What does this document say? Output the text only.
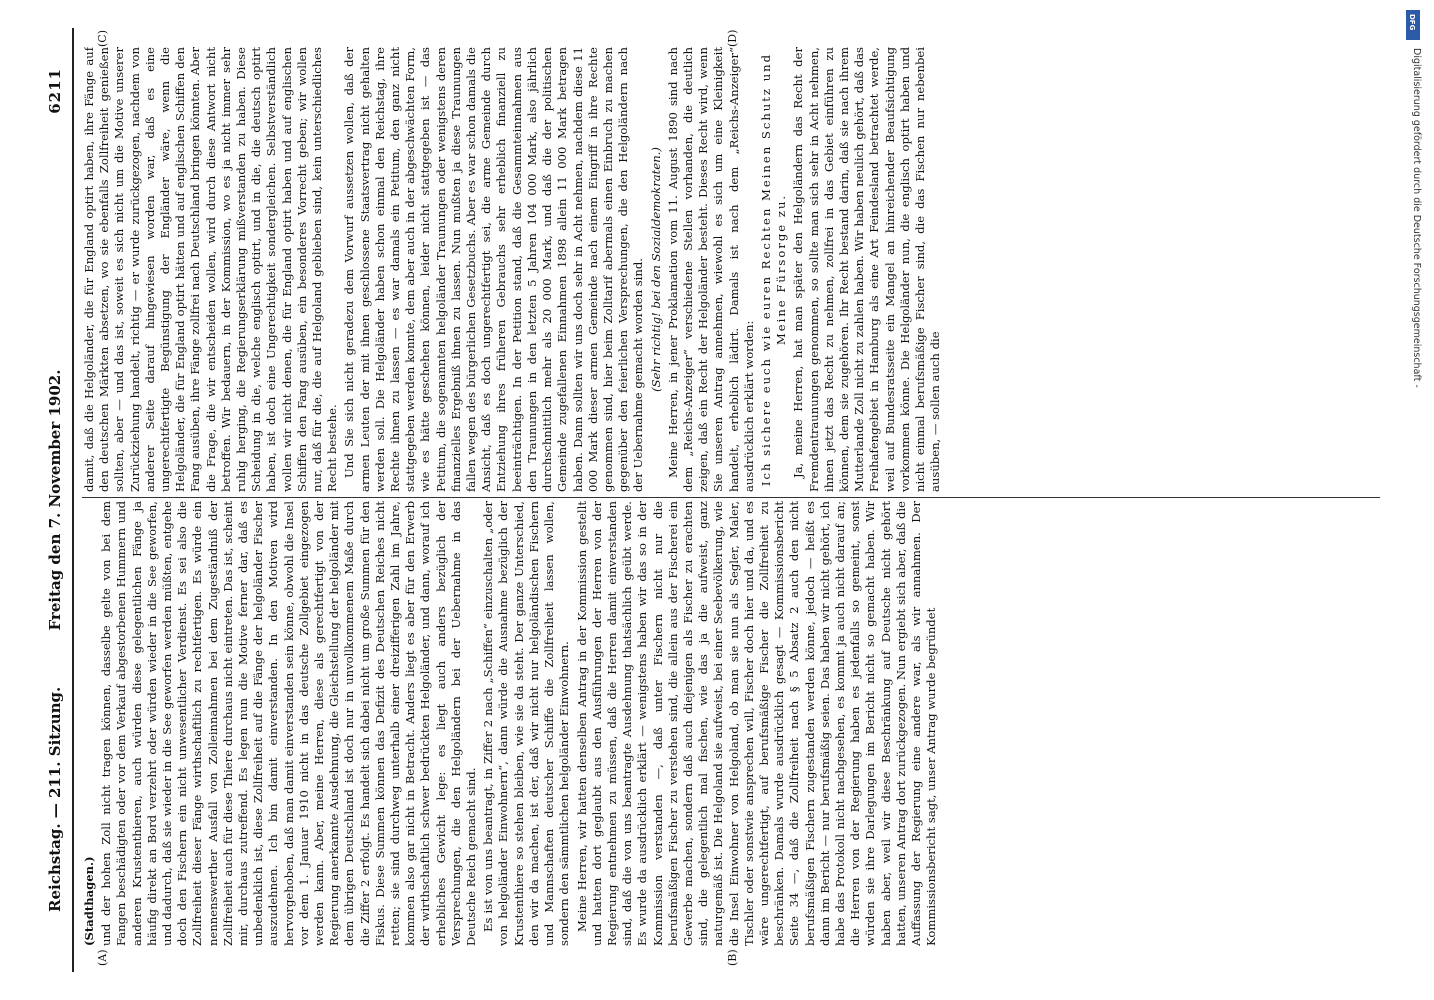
Reichstag. — 211. Sitzung.
Freitag den 7. November 1902.
6211
(A)	(B)
(C)	(D)

(Stadthagen.) und der hohen Zoll nicht tragen können, dasselbe gelte von bei dem Fangen beschädigten oder vor dem Verkauf abgestorbenen Hummern und anderen Krustenthieren, auch würden diese gelegentlichen Fänge ja häufig direkt an Bord verzehrt oder würden wieder in die See geworfen, und dadurch, daß sie wieder in die See geworfen werden müßten, entgehe doch den Fischern ein nicht unwesentlicher Verdienst. Es sei also die Zollfreiheit dieser Fänge wirthschaftlich zu rechtfertigen. Es würde ein nennenswerther Ausfall von Zolleinnahmen bei dem Zugeständniß der Zollfreiheit auch für diese Thiere durchaus nicht eintreten. Das ist, scheint mir, durchaus zutreffend. Es legen nun die Motive ferner dar, daß es unbedenklich ist, diese Zollfreiheit auf die Fänge der helgoländer Fischer auszudehnen. Ich bin damit einverstanden. In den Motiven wird hervorgehoben, daß man damit einverstanden sein könne, obwohl die Insel vor dem 1. Januar 1910 nicht in das deutsche Zollgebiet eingezogen werden kann. Aber, meine Herren, diese als gerechtfertigt von der Regierung anerkannte Ausdehnung, die Gleichstellung der helgoländer mit dem übrigen Deutschland ist doch nur in unvollkommenem Maße durch die Ziffer 2 erfolgt. Es handelt sich dabei nicht um große Summen für den Fiskus. Diese Summen können das Defizit des Deutschen Reiches nicht retten; sie sind durchweg unterhalb einer dreizifferigen Zahl im Jahre, kommen also gar nicht in Betracht. Anders liegt es aber für den Erwerb der wirthschaftlich schwer bedrückten Helgoländer, und dann, worauf ich erhebliches Gewicht lege: es liegt auch anders bezüglich der Versprechungen, die den Helgoländern bei der Uebernahme in das Deutsche Reich gemacht sind. Es ist von uns beantragt, in Ziffer 2 nach „Schiffen“ einzuschalten „oder von helgoländer Einwohnern“, dann würde die Ausnahme bezüglich der Krustenthiere so stehen bleiben, wie sie da steht. Der ganze Unterschied, den wir da machen, ist der, daß wir nicht nur helgoländischen Fischern und Mannschaften deutscher Schiffe die Zollfreiheit lassen wollen, sondern den sämmtlichen helgoländer Einwohnern. Meine Herren, wir hatten denselben Antrag in der Kommission gestellt und hatten dort geglaubt aus den Ausführungen der Herren von der Regierung entnehmen zu müssen, daß die Herren damit einverstanden sind, daß die von uns beantragte Ausdehnung thatsächlich geübt werde. Es wurde da ausdrücklich erklärt — wenigstens haben wir das so in der Kommission verstanden —, daß unter Fischern nicht nur die berufsmäßigen Fischer zu verstehen sind, die allein aus der Fischerei ein Gewerbe machen, sondern daß auch diejenigen als Fischer zu erachten sind, die gelegentlich mal fischen, wie das ja die aufweist, ganz naturgemäß ist. Die Helgoland sie aufweist, bei einer Seebevölkerung, wie die Insel Einwohner von Helgoland, ob man sie nun als Segler, Maler, Tischler oder sonstwie ansprechen will, Fischer doch hier und da, und es wäre ungerechtfertigt, auf berufsmäßige Fischer die Zollfreiheit zu beschränken. Damals wurde ausdrücklich gesagt — Kommissionsbericht Seite 34 —, daß die Zollfreiheit nach § 5 Absatz 2 auch den nicht berufsmäßigen Fischern zugestanden werden könne, jedoch — heißt es dann im Bericht — nur berufsmäßig seien. Das haben wir nicht gehört, ich habe das Protokoll nicht nachgesehen, es kommt ja auch nicht darauf an; die Herren von der Regierung haben es jedenfalls so gemeint, sonst würden sie ihre Darlegungen im Bericht nicht so gemacht haben. Wir haben aber, weil wir diese Beschränkung auf Deutsche nicht gehört hatten, unseren Antrag dort zurückgezogen. Nun ergiebt sich aber, daß die Auffassung der Regierung eine andere war, als wir annahmen. Der Kommissionsbericht sagt, unser Antrag wurde begründet

damit, daß die Helgoländer, die für England optirt haben, ihre Fänge auf den deutschen Märkten absetzen, wo sie ebenfalls Zollfreiheit genießen sollten, aber — und das ist, soweit es sich nicht um die Motive unserer Zurückziehung handelt, richtig — er wurde zurückgezogen, nachdem von anderer Seite darauf hingewiesen worden war, daß es eine ungerechtfertigte Begünstigung der Engländer wäre, wenn die Helgoländer, die für England optirt hätten und auf englischen Schiffen den Fang ausüben, ihre Fänge zollfrei nach Deutschland bringen könnten. Aber die Frage, die wir entscheiden wollen, wird durch diese Antwort nicht betroffen. Wir bedauern, in der Kommission, wo es ja nicht immer sehr ruhig herging, die Regierungserklärung mißverstanden zu haben. Diese Scheidung in die, welche englisch optirt, und in die, die deutsch optirt haben, ist doch eine Ungerechtigkeit sondergleichen. Selbstverständlich wollen wir nicht denen, die für England optirt haben und auf englischen Schiffen den Fang ausüben, ein besonderes Vorrecht geben; wir wollen nur, daß für die, die auf Helgoland geblieben sind, kein unterschiedliches Recht bestehe. Und Sie sich nicht geradezu dem Vorwurf aussetzen wollen, daß der armen Leuten der mit ihnen geschlossene Staatsvertrag nicht gehalten werden soll. Die Helgoländer haben schon einmal den Reichstag, ihre Rechte ihnen zu lassen — es war damals ein Petitum, den ganz nicht stattgegeben werden konnte, dem aber auch in der abgeschwächten Form, wie es hätte geschehen können, leider nicht stattgegeben ist — das Petitum, die sogenannten helgoländer Traunungen oder wenigstens deren finanzielles Ergebniß ihnen zu lassen. Nun mußten ja diese Traunungen fallen wegen des bürgerlichen Gesetzbuchs. Aber es war schon damals die Ansicht, daß es doch ungerechtfertigt sei, die arme Gemeinde durch Entziehung ihres früheren Gebrauchs sehr erheblich finanziell zu beeinträchtigen. In der Petition stand, daß die Gesammteinnahmen aus den Traunungen in den letzten 5 Jahren 104 000 Mark, also jährlich durchschnittlich mehr als 20 000 Mark, und daß die der politischen Gemeinde zugefallenen Einnahmen 1898 allein 11 000 Mark betragen haben. Dann sollten wir uns doch sehr in Acht nehmen, nachdem diese 11 000 Mark dieser armen Gemeinde nach einem Eingriff in ihre Rechte genommen sind, hier beim Zolltarif abermals einen Einbruch zu machen gegenüber den feierlichen Versprechungen, die den Helgoländern nach der Uebernahme gemacht worden sind. (Sehr richtig! bei den Sozialdemokraten.) Meine Herren, in jener Proklamation vom 11. August 1890 sind nach dem „Reichs-Anzeiger“ verschiedene Stellen vorhanden, die deutlich zeigen, daß ein Recht der Helgoländer besteht. Dieses Recht wird, wenn Sie unseren Antrag annehmen, wiewohl es sich um eine Kleinigkeit handelt, erheblich lädirt. Damals ist nach dem „Reichs-Anzeiger“ ausdrücklich erklärt worden: Ich sichere euch wie euren Rechten Meinen Schutz und Meine Fürsorge zu. Ja, meine Herren, hat man später den Helgoländern das Recht der Fremdentraunungen genommen, so sollte man sich sehr in Acht nehmen, ihnen jetzt das Recht zu nehmen, zollfrei in das Gebiet einführen zu können, dem sie zugehören. Ihr Recht bestand darin, daß sie nach ihrem Mutterlande Zoll nicht zu zahlen haben. Wir haben neulich gehört, daß das Freihafengebiet in Hamburg als eine Art Feindesland betrachtet werde, weil auf Bundesratsseite ein Mangel an hinreichender Beaufsichtigung vorkommen könne. Die Helgoländer nun, die englisch optirt haben und nicht einmal berufsmäßige Fischer sind, die das Fischen nur nebenbei ausüben, — sollen auch die

DFG
Digitalisierung gefördert durch die Deutsche Forschungsgemeinschaft -
